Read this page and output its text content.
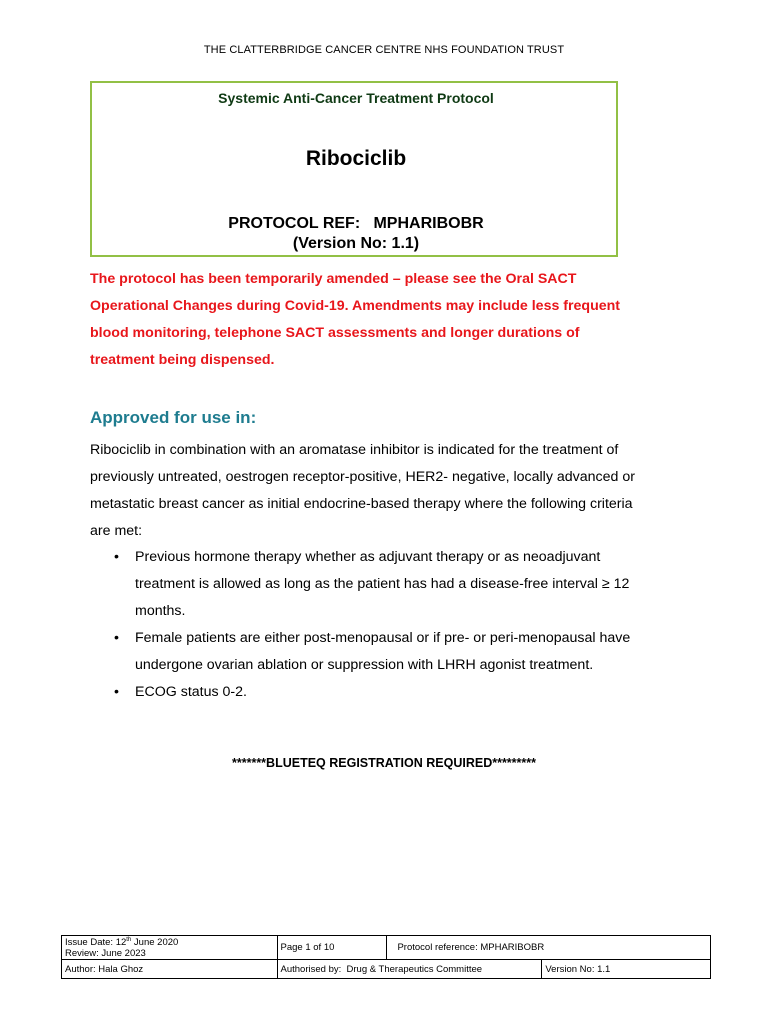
THE CLATTERBRIDGE CANCER CENTRE NHS FOUNDATION TRUST
Systemic Anti-Cancer Treatment Protocol
Ribociclib
PROTOCOL REF:   MPHARIBOBR
(Version No: 1.1)
The protocol has been temporarily amended – please see the Oral SACT
Operational Changes during Covid-19. Amendments may include less frequent
blood monitoring, telephone SACT assessments and longer durations of
treatment being dispensed.
Approved for use in:
Ribociclib in combination with an aromatase inhibitor is indicated for the treatment of
previously untreated, oestrogen receptor-positive, HER2- negative, locally advanced or
metastatic breast cancer as initial endocrine-based therapy where the following criteria
are met:
• Previous hormone therapy whether as adjuvant therapy or as neoadjuvant
treatment is allowed as long as the patient has had a disease-free interval ≥ 12
months.
• Female patients are either post-menopausal or if pre- or peri-menopausal have
undergone ovarian ablation or suppression with LHRH agonist treatment.
• ECOG status 0-2.
*******BLUETEQ REGISTRATION REQUIRED*********
Issue Date: 12th June 2020
Review: June 2023	Page 1 of 10	Protocol reference: MPHARIBOBR	
Author: Hala Ghoz	Authorised by:  Drug & Therapeutics Committee		Version No: 1.1
